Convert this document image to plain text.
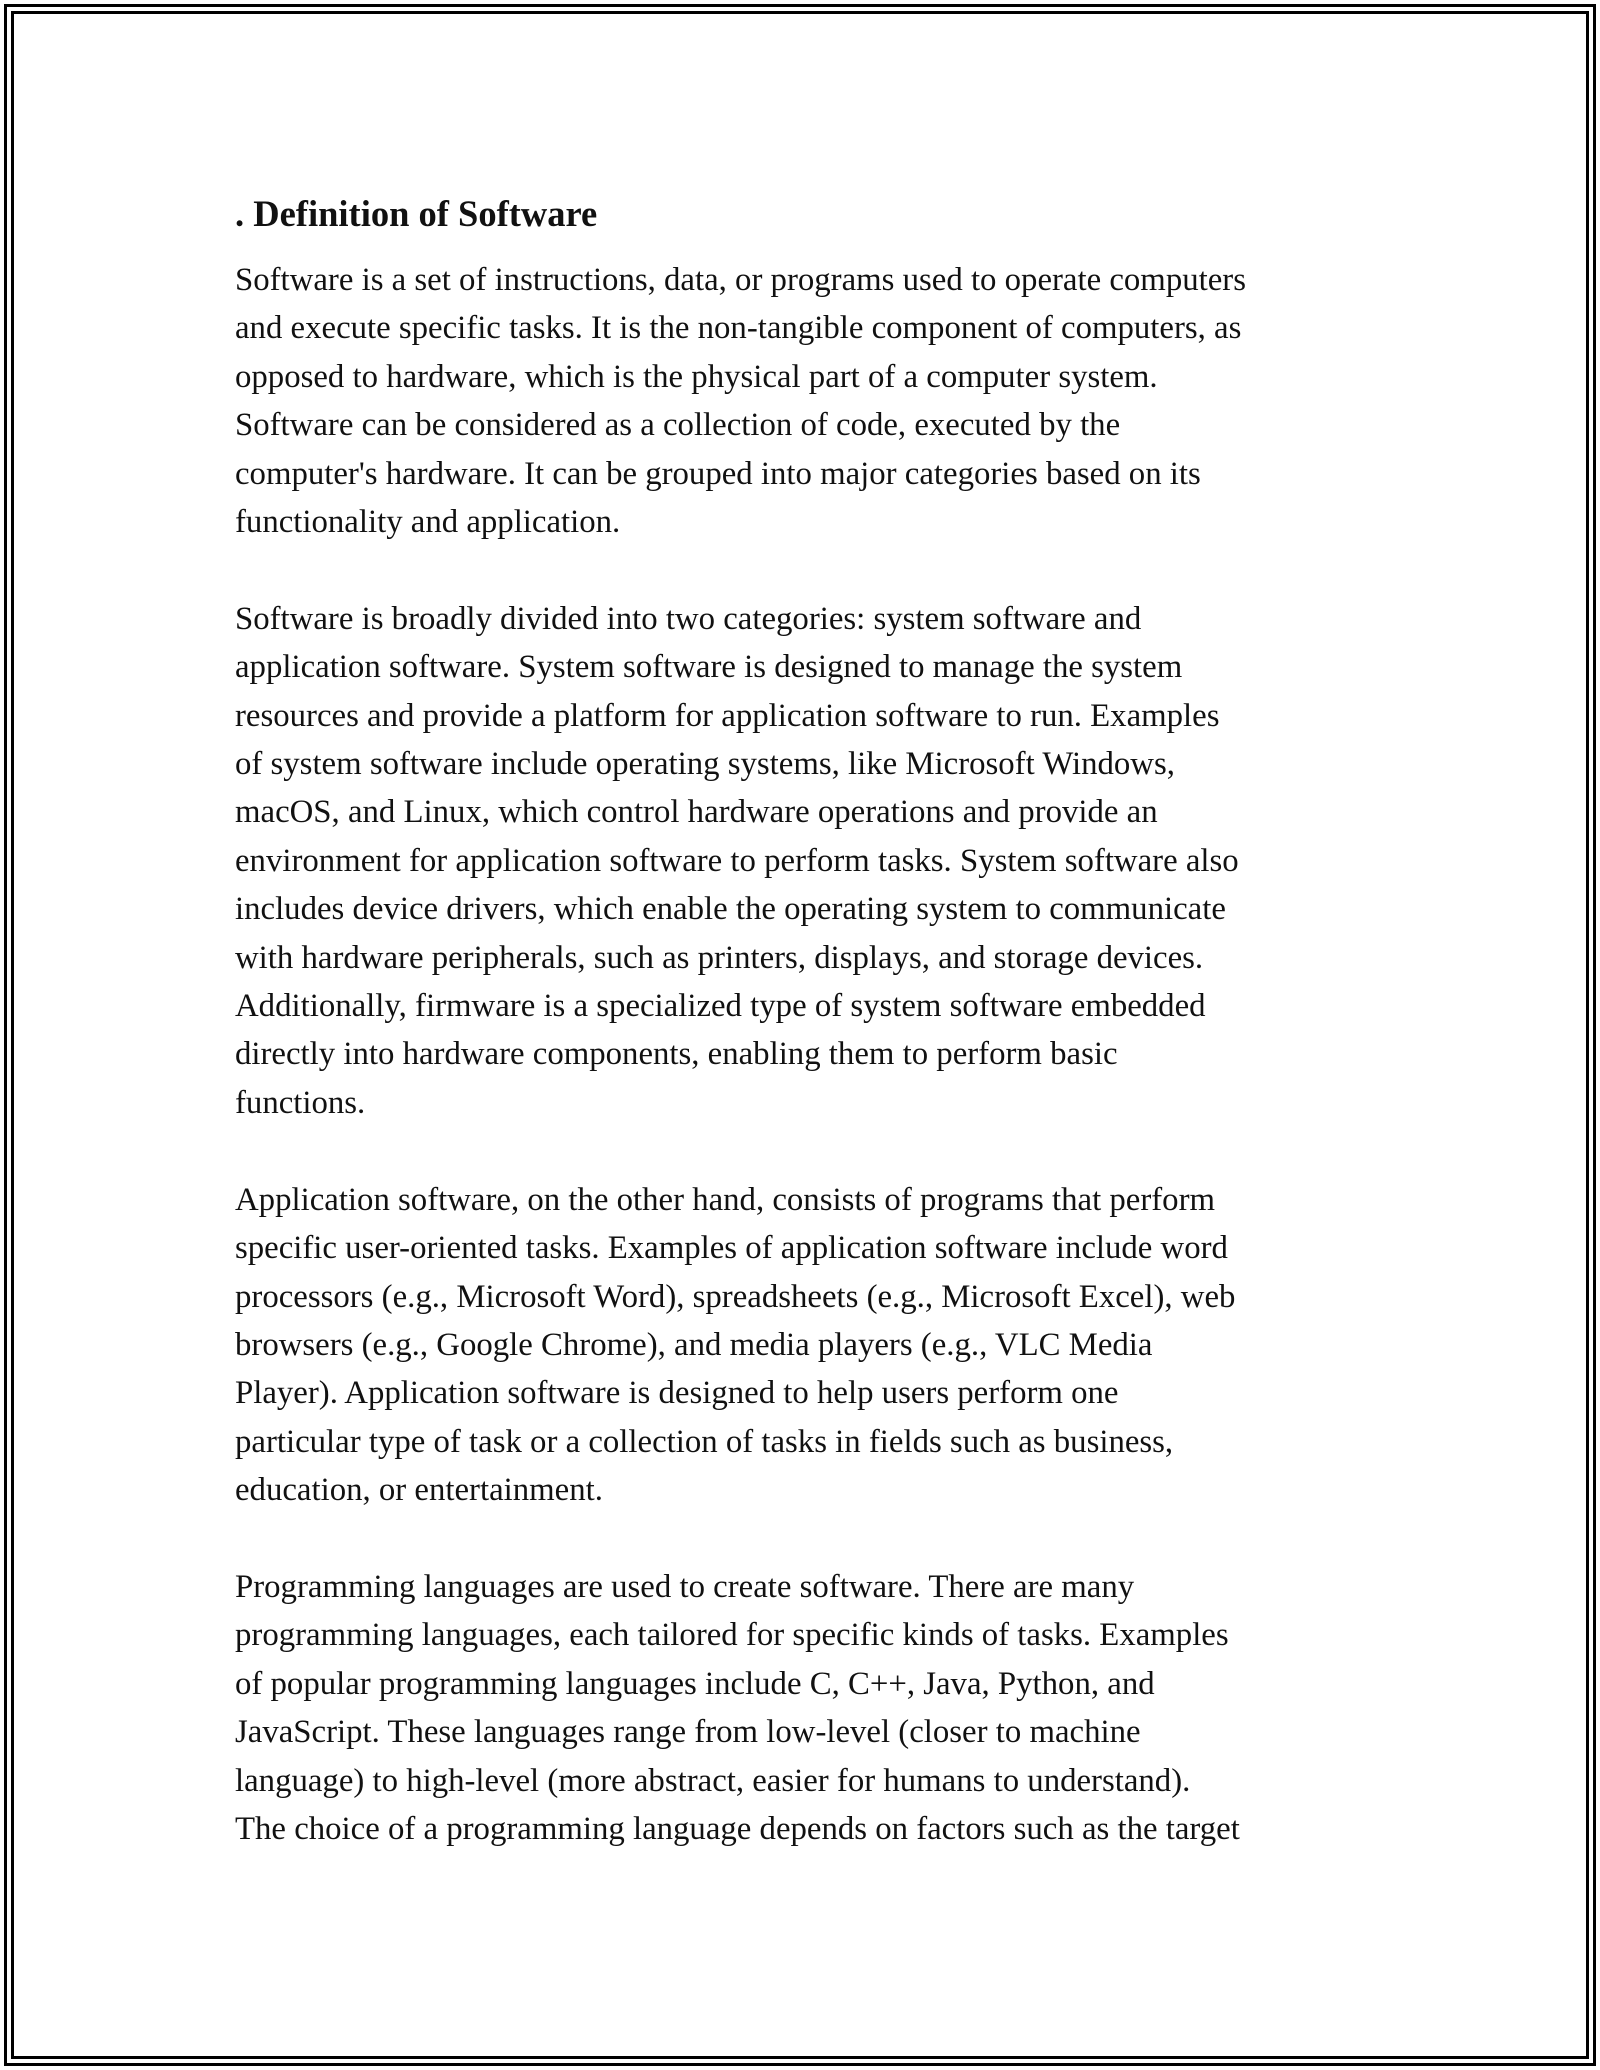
. Definition of Software

Software is a set of instructions, data, or programs used to operate computers
and execute specific tasks. It is the non-tangible component of computers, as
opposed to hardware, which is the physical part of a computer system.
Software can be considered as a collection of code, executed by the
computer's hardware. It can be grouped into major categories based on its
functionality and application.

Software is broadly divided into two categories: system software and
application software. System software is designed to manage the system
resources and provide a platform for application software to run. Examples
of system software include operating systems, like Microsoft Windows,
macOS, and Linux, which control hardware operations and provide an
environment for application software to perform tasks. System software also
includes device drivers, which enable the operating system to communicate
with hardware peripherals, such as printers, displays, and storage devices.
Additionally, firmware is a specialized type of system software embedded
directly into hardware components, enabling them to perform basic
functions.

Application software, on the other hand, consists of programs that perform
specific user-oriented tasks. Examples of application software include word
processors (e.g., Microsoft Word), spreadsheets (e.g., Microsoft Excel), web
browsers (e.g., Google Chrome), and media players (e.g., VLC Media
Player). Application software is designed to help users perform one
particular type of task or a collection of tasks in fields such as business,
education, or entertainment.

Programming languages are used to create software. There are many
programming languages, each tailored for specific kinds of tasks. Examples
of popular programming languages include C, C++, Java, Python, and
JavaScript. These languages range from low-level (closer to machine
language) to high-level (more abstract, easier for humans to understand).
The choice of a programming language depends on factors such as the target
